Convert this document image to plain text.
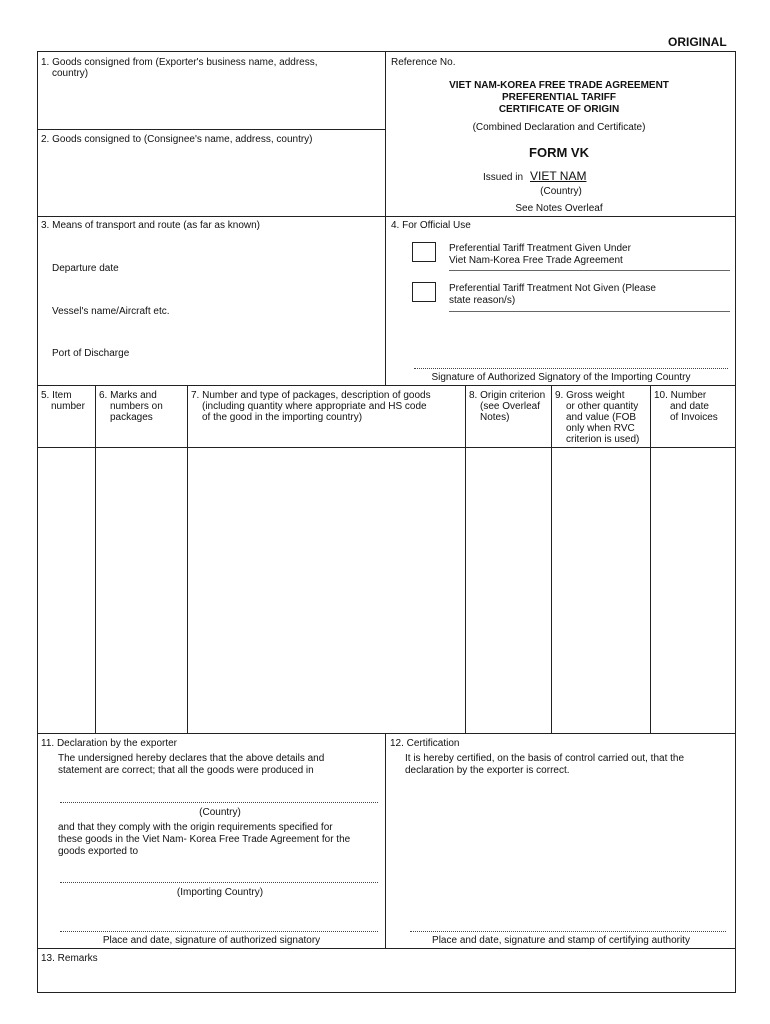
ORIGINAL
1. Goods consigned from (Exporter's business name, address,
country)
2. Goods consigned to (Consignee's name, address, country)
Reference No.
VIET NAM-KOREA FREE TRADE AGREEMENT
PREFERENTIAL TARIFF
CERTIFICATE OF ORIGIN
(Combined Declaration and Certificate)
FORM VK
Issued in VIET NAM
(Country)
See Notes Overleaf
3. Means of transport and route (as far as known)
Departure date
Vessel's name/Aircraft etc.
Port of Discharge
4. For Official Use
Preferential Tariff Treatment Given Under
Viet Nam-Korea Free Trade Agreement
Preferential Tariff Treatment Not Given (Please
state reason/s)
Signature of Authorized Signatory of the Importing Country
5. Item
number
6. Marks and
numbers on
packages
7. Number and type of packages, description of goods
(including quantity where appropriate and HS code
of the good in the importing country)
8. Origin criterion
(see Overleaf
Notes)
9. Gross weight
or other quantity
and value (FOB
only when RVC
criterion is used)
10. Number
and date
of Invoices
11. Declaration by the exporter
The undersigned hereby declares that the above details and
statement are correct; that all the goods were produced in
(Country)
and that they comply with the origin requirements specified for
these goods in the Viet Nam- Korea Free Trade Agreement for the
goods exported to
(Importing Country)
Place and date, signature of authorized signatory
12. Certification
It is hereby certified, on the basis of control carried out, that the
declaration by the exporter is correct.
Place and date, signature and stamp of certifying authority
13. Remarks
